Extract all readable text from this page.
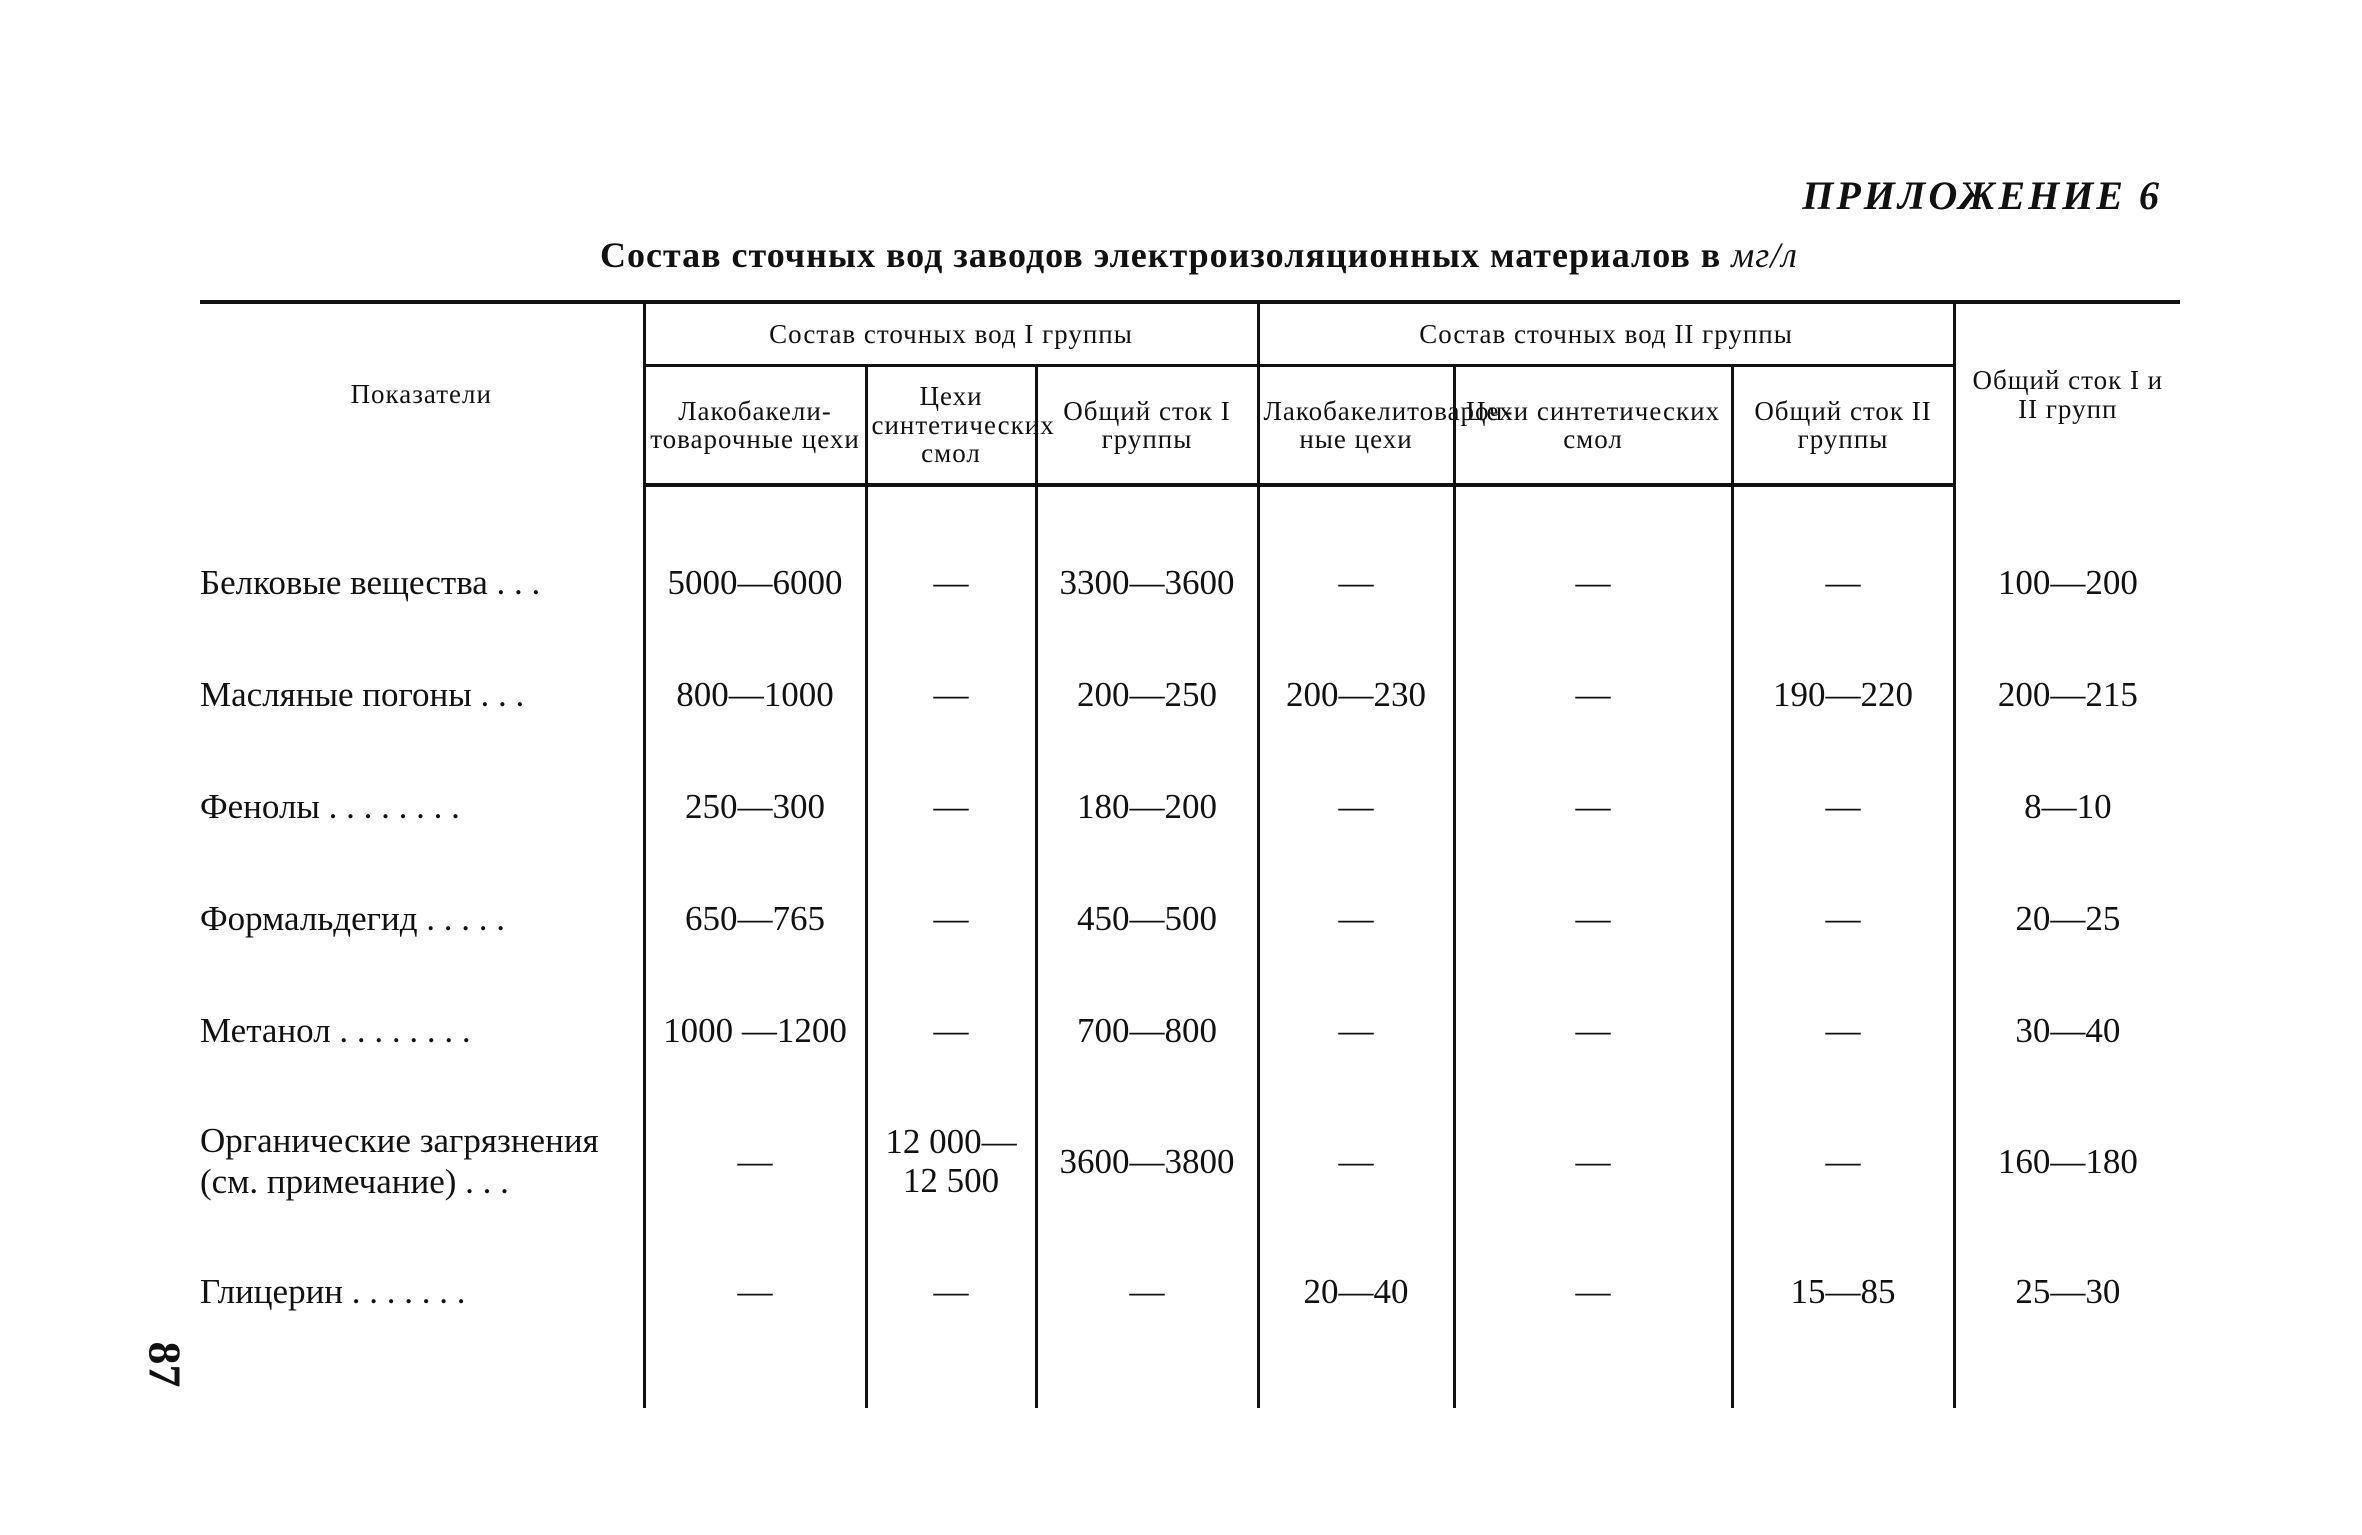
ПРИЛОЖЕНИЕ 6
Состав сточных вод заводов электроизоляционных материалов в мг/л
87
Показатели	Состав сточных вод I группы			Состав сточных вод II группы			Общий сток I и II групп
	Лакобакели-товарочные цехи	Цехи синтетических смол	Общий сток I группы	Лакобакелитовароч-ные цехи	Цехи синтетических смол	Общий сток II группы	

Белковые вещества . . .	5000—6000	—	3300—3600	—	—	—	100—200
Масляные погоны . . .	800—1000	—	200—250	200—230	—	190—220	200—215
Фенолы . . . . . . . .	250—300	—	180—200	—	—	—	8—10
Формальдегид . . . . .	650—765	—	450—500	—	—	—	20—25
Метанол . . . . . . . .	1000 —1200	—	700—800	—	—	—	30—40
Органические загрязнения (см. примечание) . . .	—	12 000— 12 500	3600—3800	—	—	—	160—180
Глицерин . . . . . . .	—	—	—	20—40	—	15—85	25—30
